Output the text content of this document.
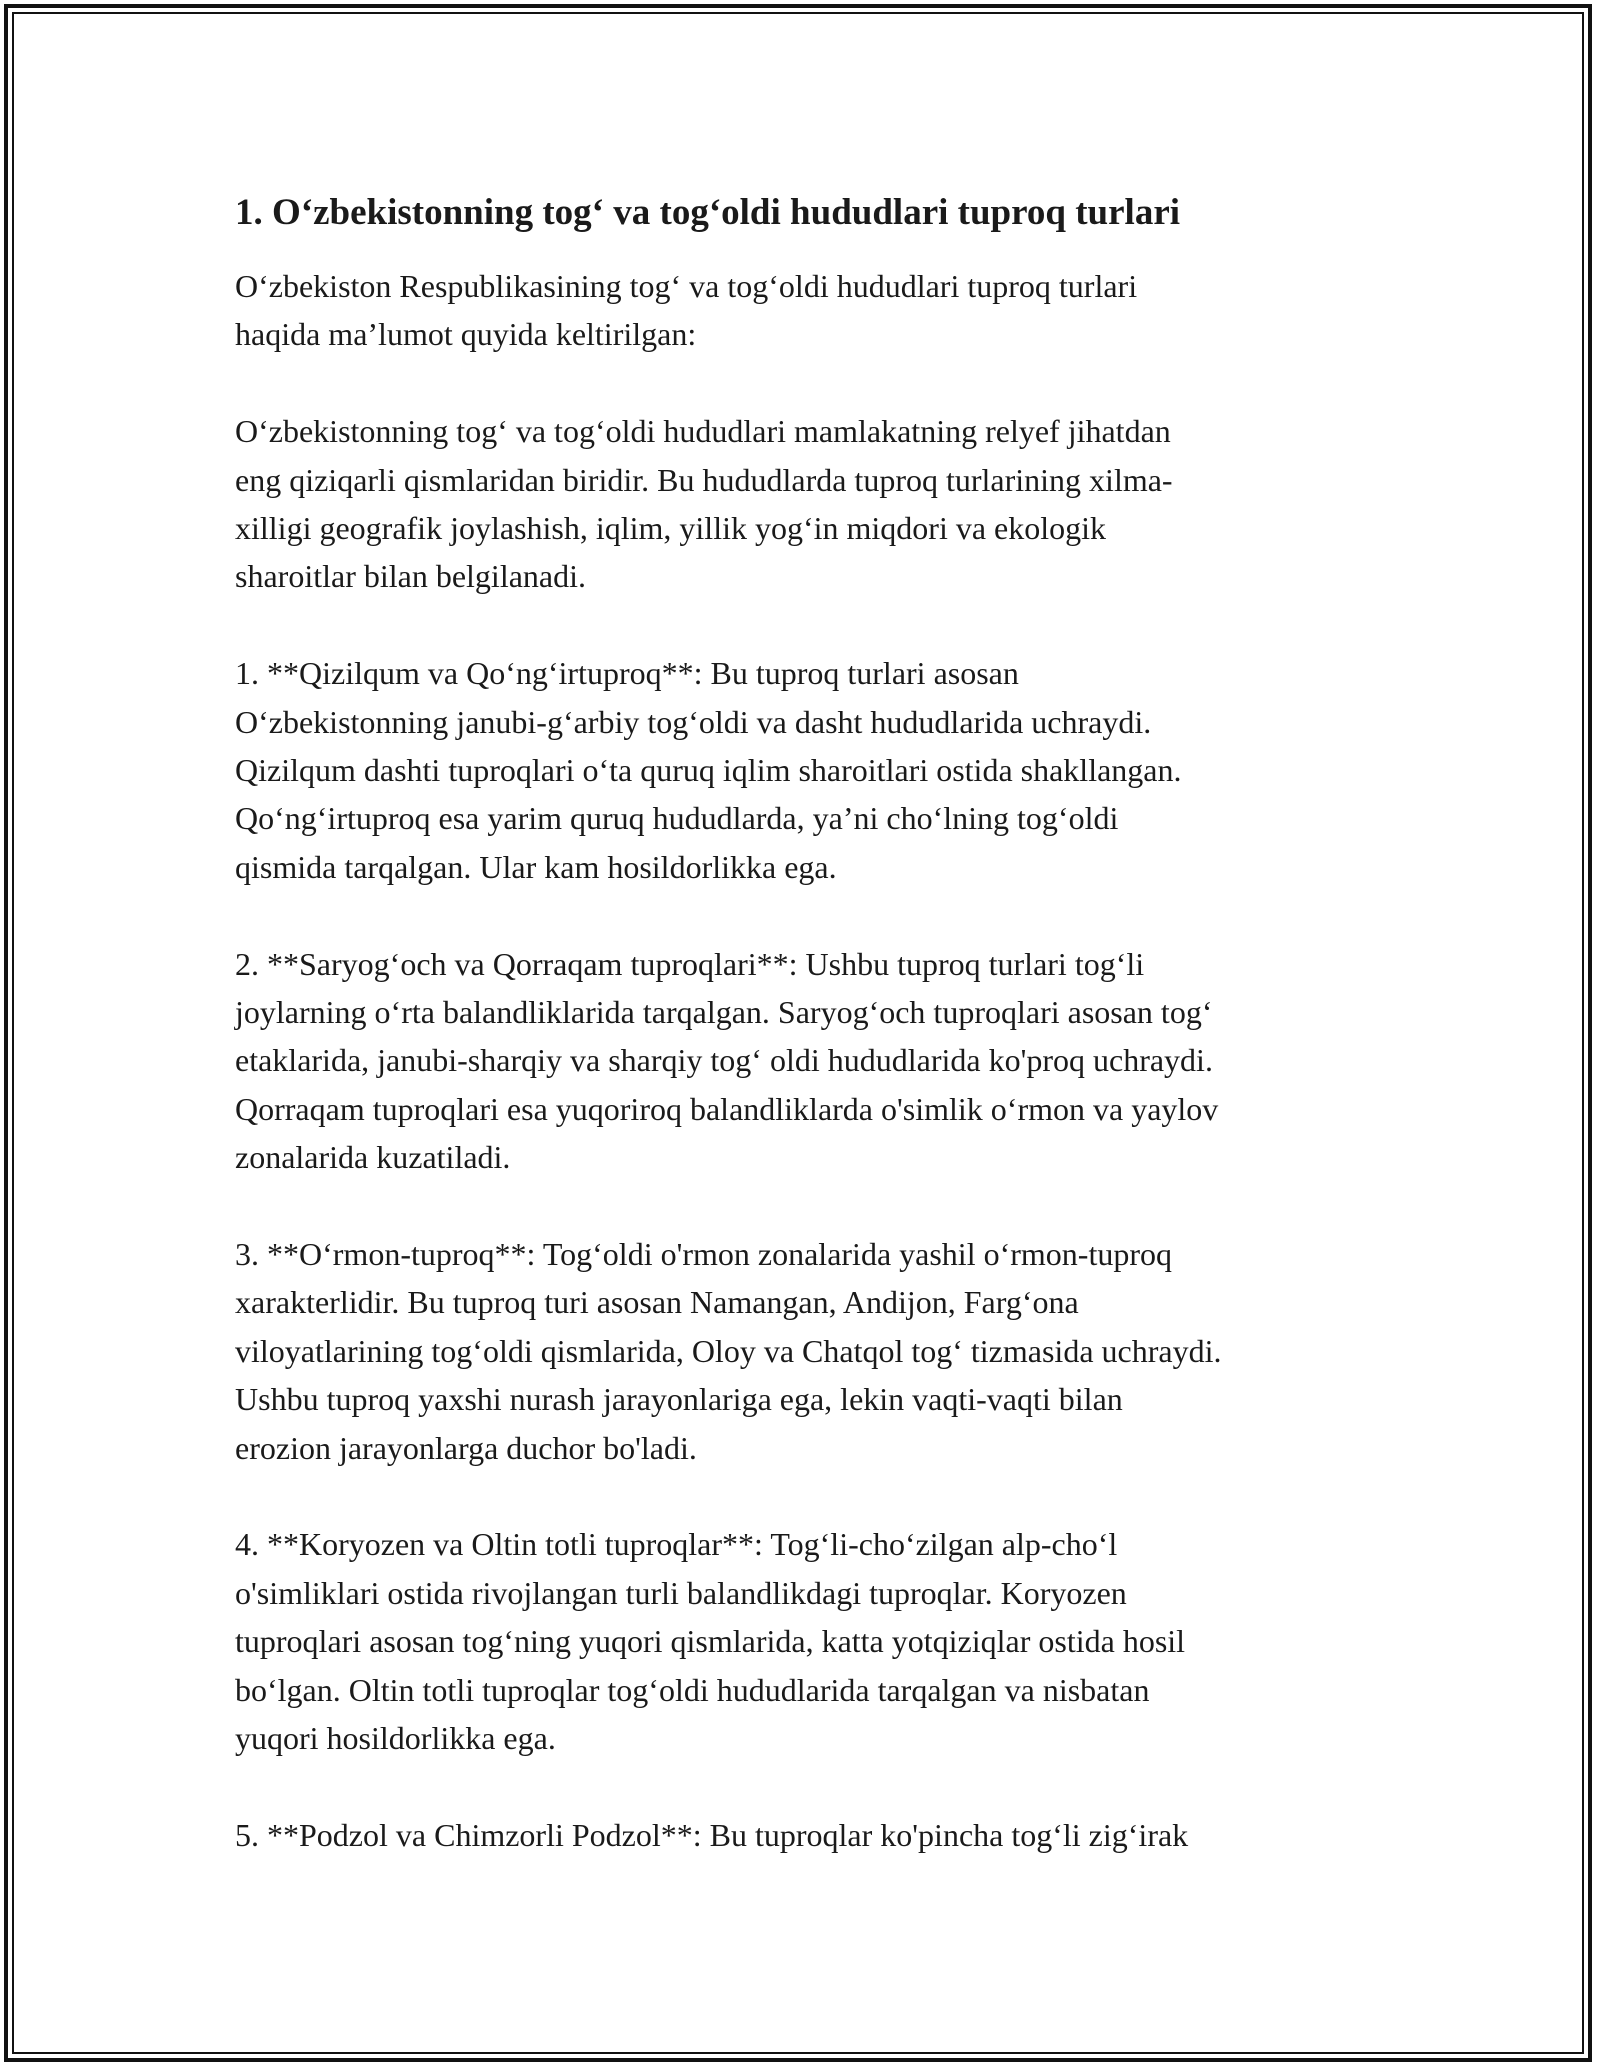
1. O‘zbekistonning tog‘ va tog‘oldi hududlari tuproq turlari
O‘zbekiston Respublikasining tog‘ va tog‘oldi hududlari tuproq turlari
haqida ma’lumot quyida keltirilgan:
O‘zbekistonning tog‘ va tog‘oldi hududlari mamlakatning relyef jihatdan
eng qiziqarli qismlaridan biridir. Bu hududlarda tuproq turlarining xilma-
xilligi geografik joylashish, iqlim, yillik yog‘in miqdori va ekologik
sharoitlar bilan belgilanadi.
1. **Qizilqum va Qo‘ng‘irtuproq**: Bu tuproq turlari asosan
O‘zbekistonning janubi-g‘arbiy tog‘oldi va dasht hududlarida uchraydi.
Qizilqum dashti tuproqlari o‘ta quruq iqlim sharoitlari ostida shakllangan.
Qo‘ng‘irtuproq esa yarim quruq hududlarda, ya’ni cho‘lning tog‘oldi
qismida tarqalgan. Ular kam hosildorlikka ega.
2. **Saryog‘och va Qorraqam tuproqlari**: Ushbu tuproq turlari tog‘li
joylarning o‘rta balandliklarida tarqalgan. Saryog‘och tuproqlari asosan tog‘
etaklarida, janubi-sharqiy va sharqiy tog‘ oldi hududlarida ko'proq uchraydi.
Qorraqam tuproqlari esa yuqoriroq balandliklarda o'simlik o‘rmon va yaylov
zonalarida kuzatiladi.
3. **O‘rmon-tuproq**: Tog‘oldi o'rmon zonalarida yashil o‘rmon-tuproq
xarakterlidir. Bu tuproq turi asosan Namangan, Andijon, Farg‘ona
viloyatlarining tog‘oldi qismlarida, Oloy va Chatqol tog‘ tizmasida uchraydi.
Ushbu tuproq yaxshi nurash jarayonlariga ega, lekin vaqti-vaqti bilan
erozion jarayonlarga duchor bo'ladi.
4. **Koryozen va Oltin totli tuproqlar**: Tog‘li-cho‘zilgan alp-cho‘l
o'simliklari ostida rivojlangan turli balandlikdagi tuproqlar. Koryozen
tuproqlari asosan tog‘ning yuqori qismlarida, katta yotqiziqlar ostida hosil
bo‘lgan. Oltin totli tuproqlar tog‘oldi hududlarida tarqalgan va nisbatan
yuqori hosildorlikka ega.
5. **Podzol va Chimzorli Podzol**: Bu tuproqlar ko'pincha tog‘li zig‘irak
